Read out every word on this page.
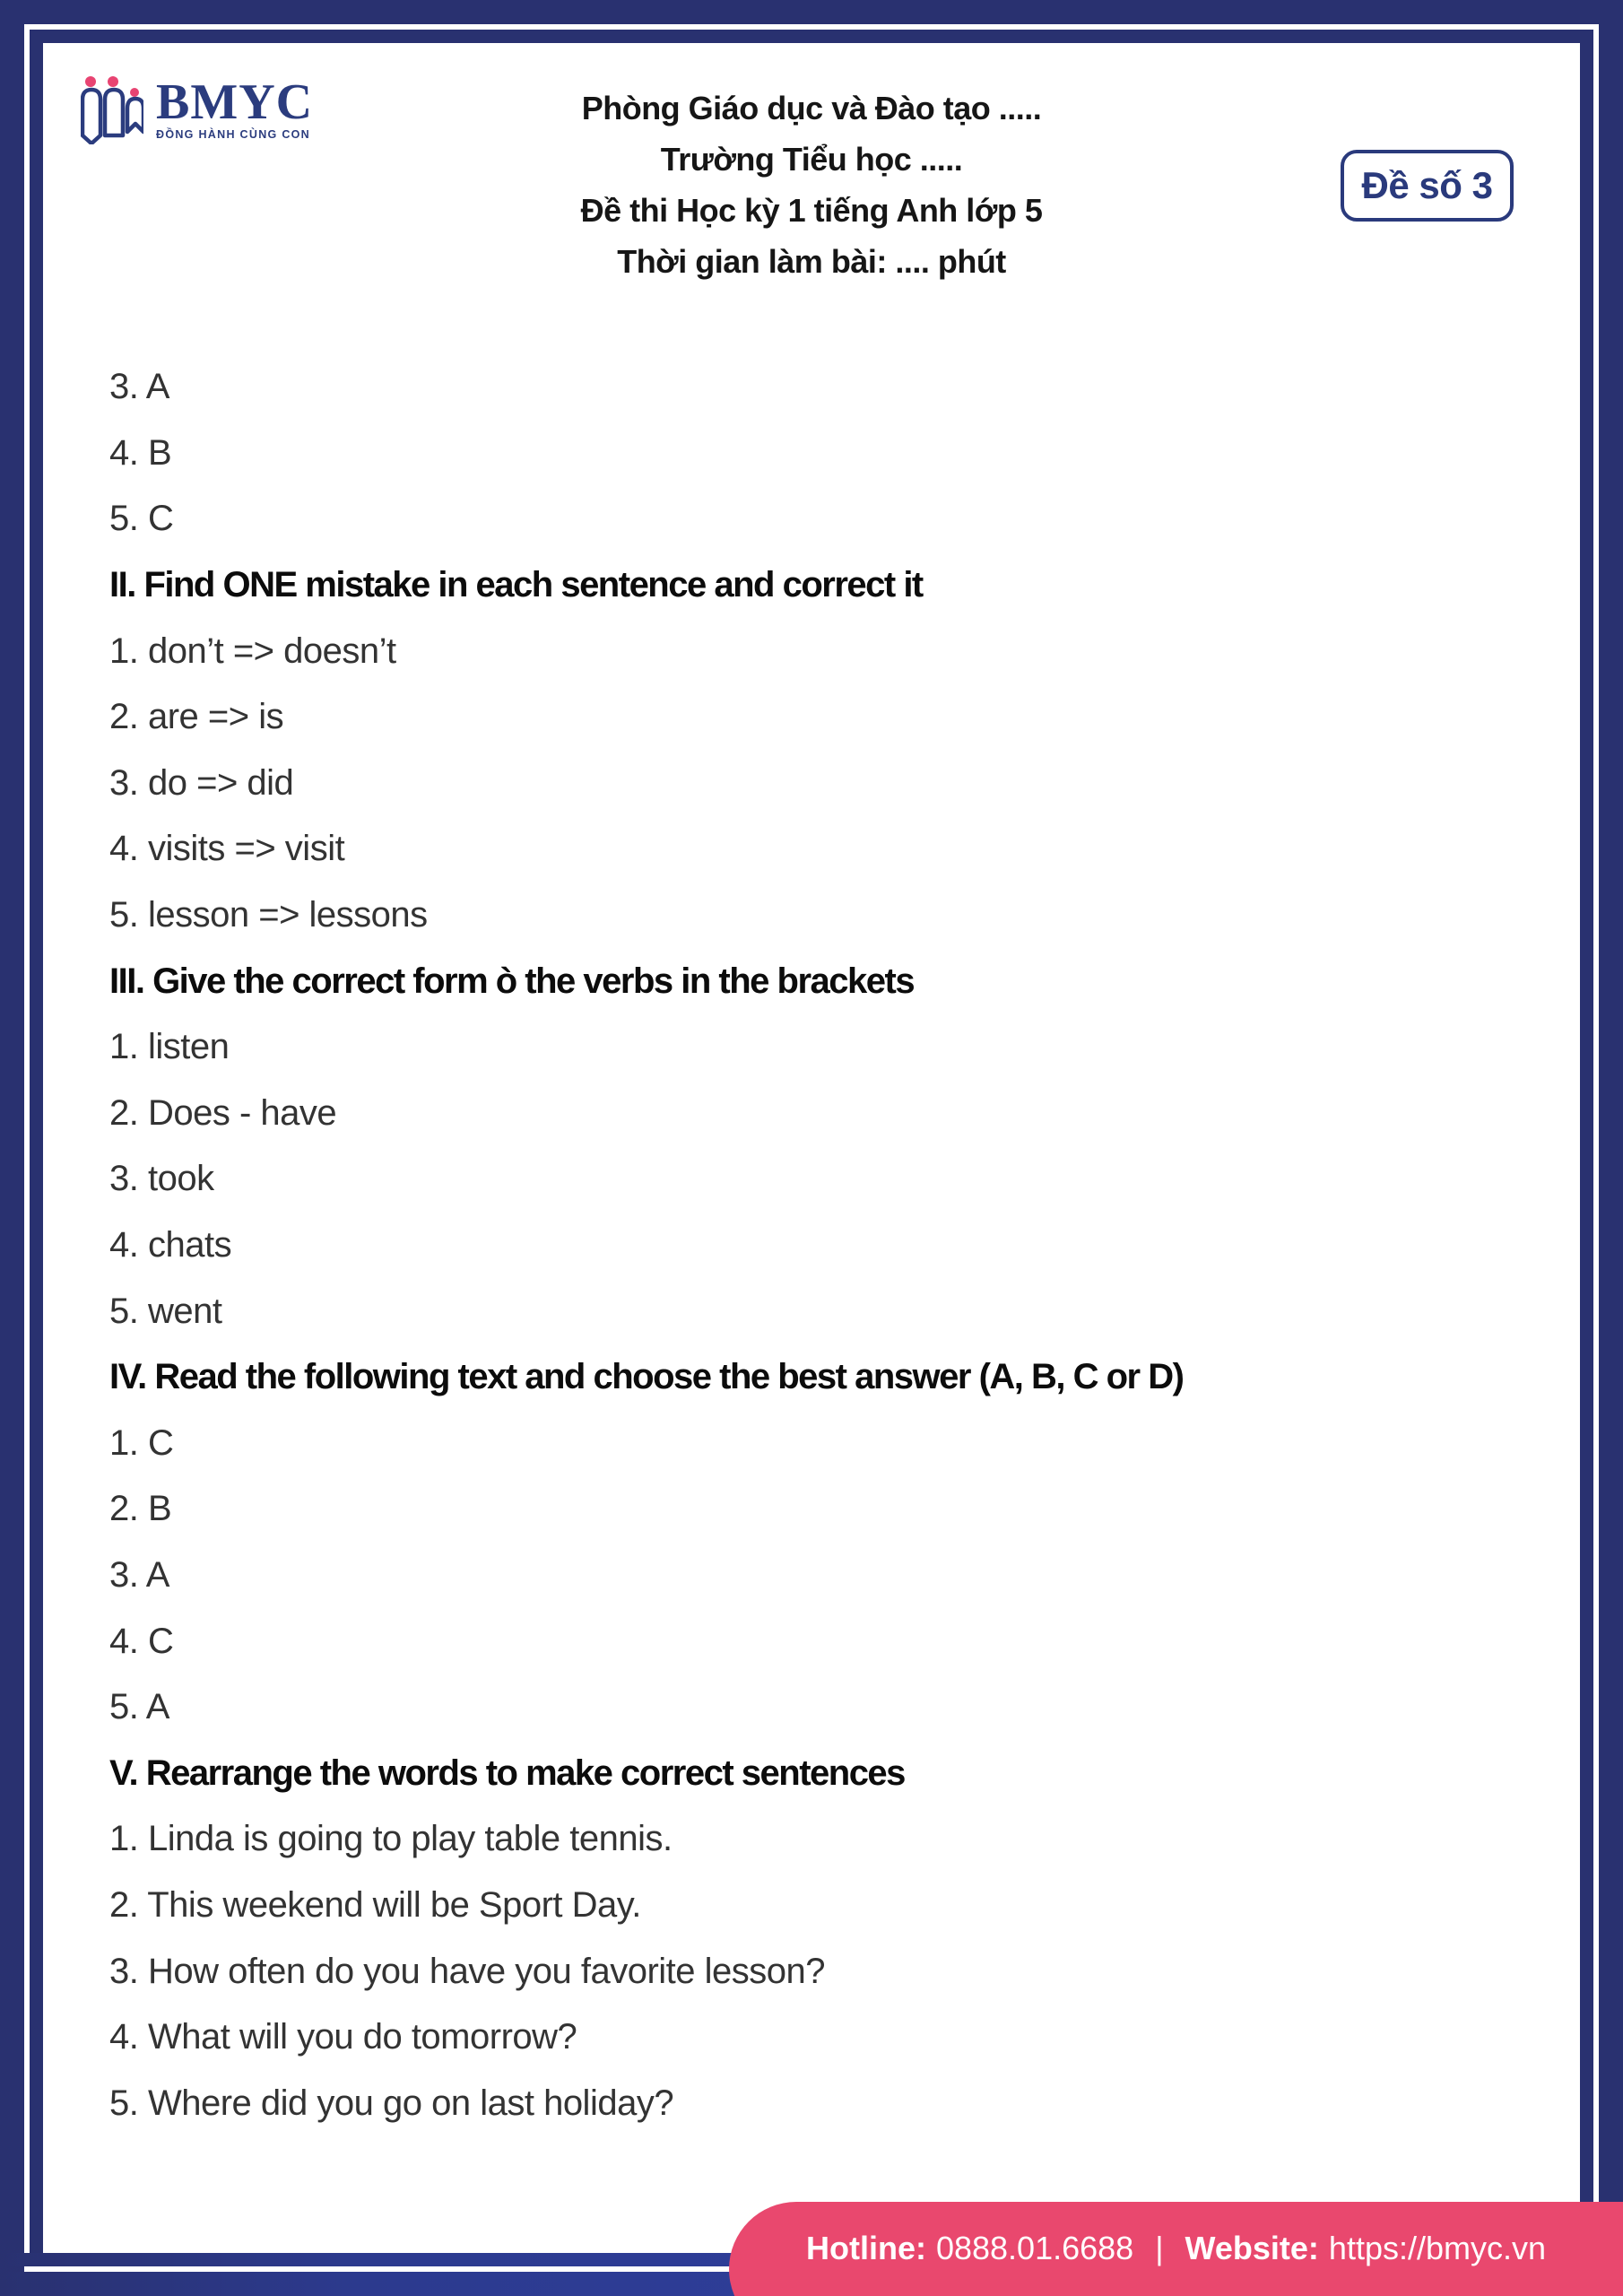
BMYC
ĐỒNG HÀNH CÙNG CON
Phòng Giáo dục và Đào tạo .....
Trường Tiểu học .....
Đề thi Học kỳ 1 tiếng Anh lớp 5
Thời gian làm bài: .... phút
Đề số 3
3. A
4. B
5. C
II. Find ONE mistake in each sentence and correct it
1. don’t => doesn’t
2. are => is
3. do => did
4. visits => visit
5. lesson => lessons
III. Give the correct form ò the verbs in the brackets
1. listen
2. Does - have
3. took
4. chats
5. went
IV. Read the following text and choose the best answer (A, B, C or D)
1. C
2. B
3. A
4. C
5. A
V. Rearrange the words to make correct sentences
1. Linda is going to play table tennis.
2. This weekend will be Sport Day.
3. How often do you have you favorite lesson?
4. What will you do tomorrow?
5. Where did you go on last holiday?
Hotline: 0888.01.6688 | Website: https://bmyc.vn
